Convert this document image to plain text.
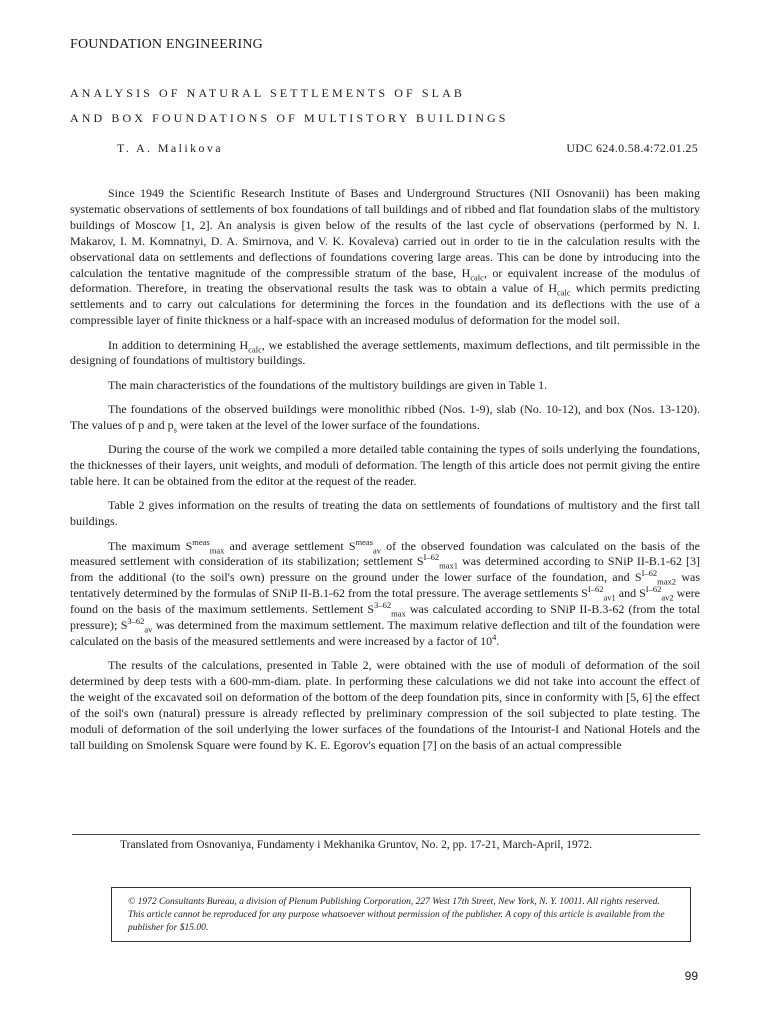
FOUNDATION ENGINEERING
ANALYSIS OF NATURAL SETTLEMENTS OF SLAB
AND BOX FOUNDATIONS OF MULTISTORY BUILDINGS
T. A. Malikova	UDC 624.0.58.4:72.01.25

Since 1949 the Scientific Research Institute of Bases and Underground Structures (NII Osnovanii) has been making systematic observations of settlements of box foundations of tall buildings and of ribbed and flat foundation slabs of the multistory buildings of Moscow [1, 2]. An analysis is given below of the results of the last cycle of observations (performed by N. I. Makarov, I. M. Komnatnyi, D. A. Smirnova, and V. K. Kovaleva) carried out in order to tie in the calculation results with the observational data on settlements and deflections of foundations covering large areas. This can be done by introducing into the calculation the tentative magnitude of the compressible stratum of the base, $H_{calc}$, or equivalent increase of the modulus of deformation. Therefore, in treating the observational results the task was to obtain a value of $H_{calc}$ which permits predicting settlements and to carry out calculations for determining the forces in the foundation and its deflections with the use of a compressible layer of finite thickness or a half-space with an increased modulus of deformation for the model soil.

In addition to determining $H_{calc}$, we established the average settlements, maximum deflections, and tilt permissible in the designing of foundations of multistory buildings.

The main characteristics of the foundations of the multistory buildings are given in Table 1.

The foundations of the observed buildings were monolithic ribbed (Nos. 1-9), slab (No. 10-12), and box (Nos. 13-120). The values of p and $p_s$ were taken at the level of the lower surface of the foundations.

During the course of the work we compiled a more detailed table containing the types of soils underlying the foundations, the thicknesses of their layers, unit weights, and moduli of deformation. The length of this article does not permit giving the entire table here. It can be obtained from the editor at the request of the reader.

Table 2 gives information on the results of treating the data on settlements of foundations of multistory and the first tall buildings.

The maximum $S^{meas}_{max}$ and average settlement $S^{meas}_{av}$ of the observed foundation was calculated on the basis of the measured settlement with consideration of its stabilization; settlement $S^{I-62}_{max1}$ was determined according to SNiP II-B.1-62 [3] from the additional (to the soil's own) pressure on the ground under the lower surface of the foundation, and $S^{I-62}_{max2}$ was tentatively determined by the formulas of SNiP II-B.1-62 from the total pressure. The average settlements $S^{I-62}_{av1}$ and $S^{I-62}_{av2}$ were found on the basis of the maximum settlements. Settlement $S^{3-62}_{max}$ was calculated according to SNiP II-B.3-62 (from the total pressure); $S^{3-62}_{av}$ was determined from the maximum settlement. The maximum relative deflection and tilt of the foundation were calculated on the basis of the measured settlements and were increased by a factor of $10^4$.

The results of the calculations, presented in Table 2, were obtained with the use of moduli of deformation of the soil determined by deep tests with a 600-mm-diam. plate. In performing these calculations we did not take into account the effect of the weight of the excavated soil on deformation of the bottom of the deep foundation pits, since in conformity with [5, 6] the effect of the soil's own (natural) pressure is already reflected by preliminary compression of the soil subjected to plate testing. The moduli of deformation of the soil underlying the lower surfaces of the foundations of the Intourist-I and National Hotels and the tall building on Smolensk Square were found by K. E. Egorov's equation [7] on the basis of an actual compressible

Translated from Osnovaniya, Fundamenty i Mekhanika Gruntov, No. 2, pp. 17-21, March-April, 1972.
© 1972 Consultants Bureau, a division of Plenum Publishing Corporation, 227 West 17th Street, New York, N. Y. 10011. All rights reserved. This article cannot be reproduced for any purpose whatsoever without permission of the publisher. A copy of this article is available from the publisher for $15.00.
99
